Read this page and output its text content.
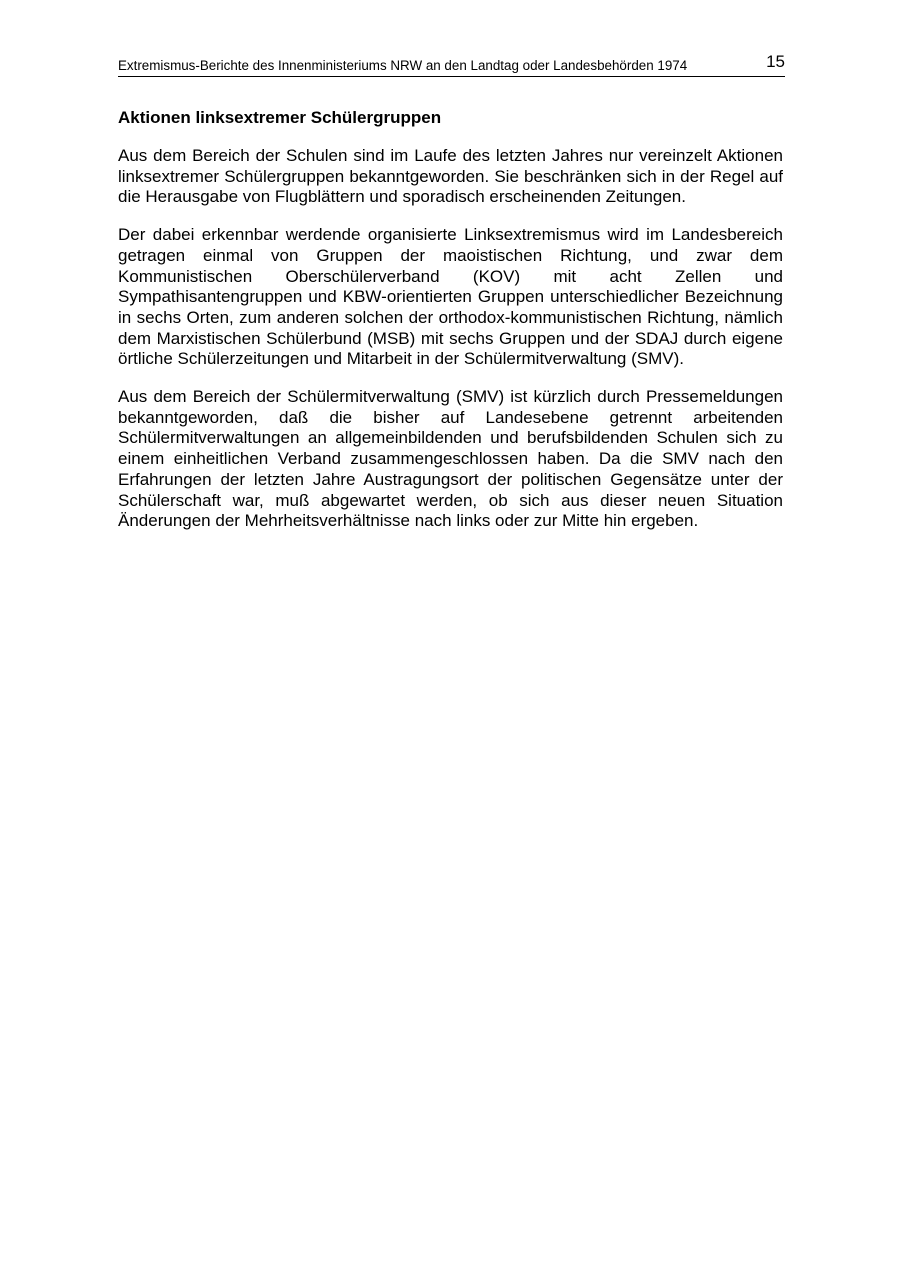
Extremismus-Berichte des Innenministeriums NRW an den Landtag oder Landesbehörden 1974	15
Aktionen linksextremer Schülergruppen

Aus dem Bereich der Schulen sind im Laufe des letzten Jahres nur vereinzelt Aktionen linksextremer Schülergruppen bekanntgeworden. Sie beschränken sich in der Regel auf die Herausgabe von Flugblättern und sporadisch erscheinenden Zeitungen.

Der dabei erkennbar werdende organisierte Linksextremismus wird im Landesbereich getragen einmal von Gruppen der maoistischen Richtung, und zwar dem Kommunistischen Oberschülerverband (KOV) mit acht Zellen und Sympathisantengruppen und KBW-orientierten Gruppen unterschiedlicher Bezeichnung in sechs Orten, zum anderen solchen der orthodox-kommunistischen Richtung, nämlich dem Marxistischen Schülerbund (MSB) mit sechs Gruppen und der SDAJ durch eigene örtliche Schülerzeitungen und Mitarbeit in der Schülermitverwaltung (SMV).

Aus dem Bereich der Schülermitverwaltung (SMV) ist kürzlich durch Pressemeldungen bekanntgeworden, daß die bisher auf Landesebene getrennt arbeitenden Schülermitverwaltungen an allgemeinbildenden und berufsbildenden Schulen sich zu einem einheitlichen Verband zusammengeschlossen haben. Da die SMV nach den Erfahrungen der letzten Jahre Austragungsort der politischen Gegensätze unter der Schülerschaft war, muß abgewartet werden, ob sich aus dieser neuen Situation Änderungen der Mehrheitsverhältnisse nach links oder zur Mitte hin ergeben.
